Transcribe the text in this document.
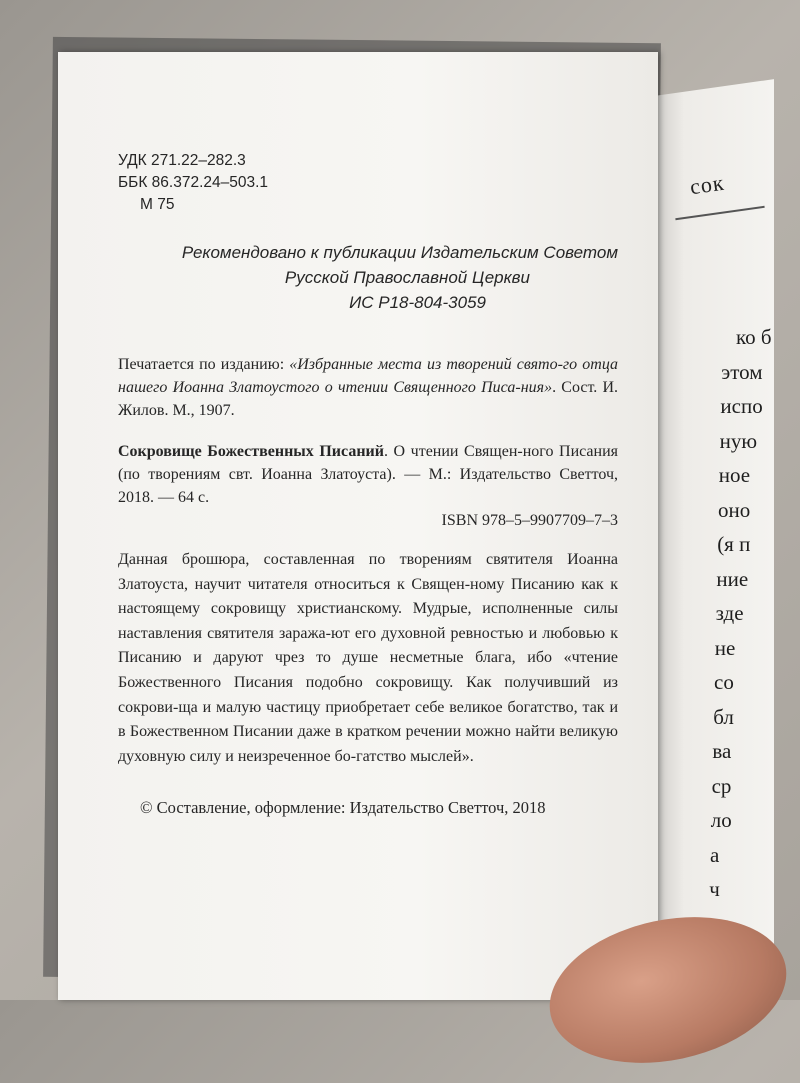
сок
ко б
этом
испо
ную
ное
оно
(я п
ние
зде
не
со
бл
ва
ср
ло
а
ч
УДК 271.22–282.3
ББК 86.372.24–503.1
М 75
Рекомендовано к публикации Издательским Советом
Русской Православной Церкви
ИС Р18-804-3059
Печатается по изданию: «Избранные места из творений свято-го отца нашего Иоанна Златоустого о чтении Священного Писа-ния». Сост. И. Жилов. М., 1907.
Сокровище Божественных Писаний. О чтении Священ-ного Писания (по творениям свт. Иоанна Златоуста). — М.: Издательство Светточ, 2018. — 64 с.
ISBN 978–5–9907709–7–3
Данная брошюра, составленная по творениям святителя Иоанна Златоуста, научит читателя относиться к Священ-ному Писанию как к настоящему сокровищу христианскому. Мудрые, исполненные силы наставления святителя заража-ют его духовной ревностью и любовью к Писанию и даруют чрез то душе несметные блага, ибо «чтение Божественного Писания подобно сокровищу. Как получивший из сокрови-ща и малую частицу приобретает себе великое богатство, так и в Божественном Писании даже в кратком речении можно найти великую духовную силу и неизреченное бо-гатство мыслей».
© Составление, оформление: Издательство Светточ, 2018
